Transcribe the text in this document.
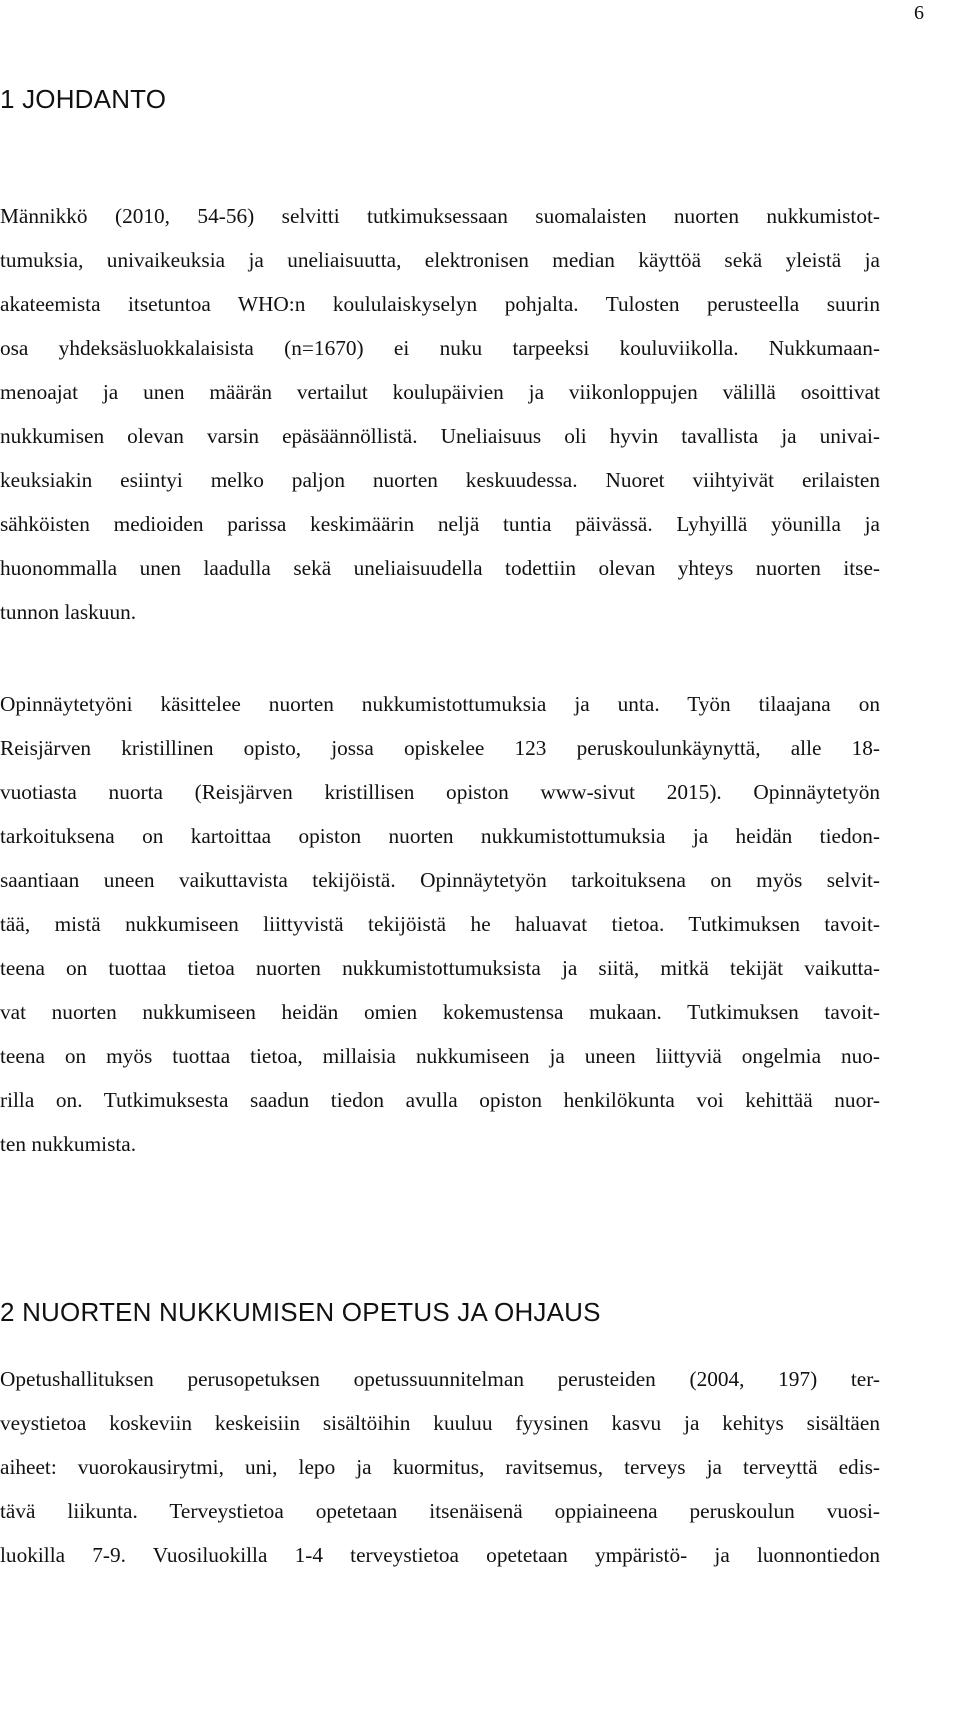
6
1 JOHDANTO
Männikkö (2010, 54-56) selvitti tutkimuksessaan suomalaisten nuorten nukkumistot-
tumuksia, univaikeuksia ja uneliaisuutta, elektronisen median käyttöä sekä yleistä ja
akateemista itsetuntoa WHO:n koululaiskyselyn pohjalta. Tulosten perusteella suurin
osa yhdeksäsluokkalaisista (n=1670) ei nuku tarpeeksi kouluviikolla. Nukkumaan-
menoajat ja unen määrän vertailut koulupäivien ja viikonloppujen välillä osoittivat
nukkumisen olevan varsin epäsäännöllistä. Uneliaisuus oli hyvin tavallista ja univai-
keuksiakin esiintyi melko paljon nuorten keskuudessa. Nuoret viihtyivät erilaisten
sähköisten medioiden parissa keskimäärin neljä tuntia päivässä. Lyhyillä yöunilla ja
huonommalla unen laadulla sekä uneliaisuudella todettiin olevan yhteys nuorten itse-
tunnon laskuun.
Opinnäytetyöni käsittelee nuorten nukkumistottumuksia ja unta. Työn tilaajana on
Reisjärven kristillinen opisto, jossa opiskelee 123 peruskoulunkäynyttä, alle 18-
vuotiasta nuorta (Reisjärven kristillisen opiston www-sivut 2015). Opinnäytetyön
tarkoituksena on kartoittaa opiston nuorten nukkumistottumuksia ja heidän tiedon-
saantiaan uneen vaikuttavista tekijöistä. Opinnäytetyön tarkoituksena on myös selvit-
tää, mistä nukkumiseen liittyvistä tekijöistä he haluavat tietoa. Tutkimuksen tavoit-
teena on tuottaa tietoa nuorten nukkumistottumuksista ja siitä, mitkä tekijät vaikutta-
vat nuorten nukkumiseen heidän omien kokemustensa mukaan. Tutkimuksen tavoit-
teena on myös tuottaa tietoa, millaisia nukkumiseen ja uneen liittyviä ongelmia nuo-
rilla on. Tutkimuksesta saadun tiedon avulla opiston henkilökunta voi kehittää nuor-
ten nukkumista.
2 NUORTEN NUKKUMISEN OPETUS JA OHJAUS
Opetushallituksen perusopetuksen opetussuunnitelman perusteiden (2004, 197) ter-
veystietoa koskeviin keskeisiin sisältöihin kuuluu fyysinen kasvu ja kehitys sisältäen
aiheet: vuorokausirytmi, uni, lepo ja kuormitus, ravitsemus, terveys ja terveyttä edis-
tävä liikunta. Terveystietoa opetetaan itsenäisenä oppiaineena peruskoulun vuosi-
luokilla 7-9. Vuosiluokilla 1-4 terveystietoa opetetaan ympäristö- ja luonnontiedon
